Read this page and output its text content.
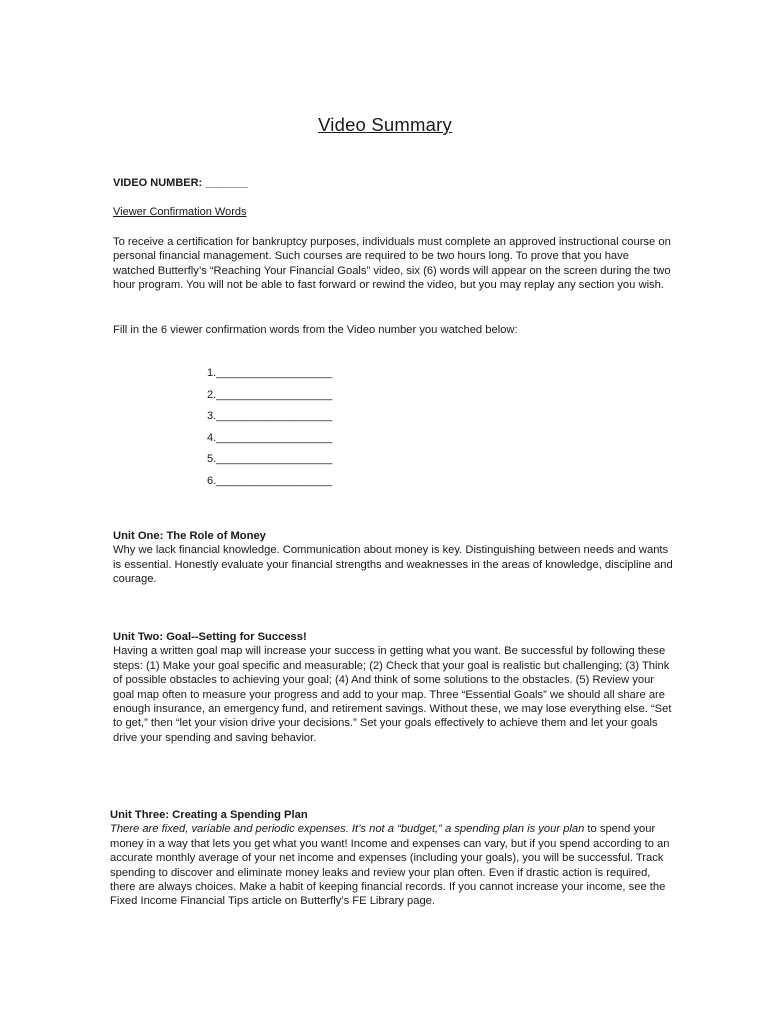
Video Summary
VIDEO NUMBER: _______
Viewer Confirmation Words

To receive a certification for bankruptcy purposes, individuals must complete an approved instructional course on personal financial management. Such courses are required to be two hours long. To prove that you have watched Butterfly’s “Reaching Your Financial Goals” video, six (6) words will appear on the screen during the two hour program. You will not be able to fast forward or rewind the video, but you may replay any section you wish.

Fill in the 6 viewer confirmation words from the Video number you watched below:

1.___________________
2.___________________
3.___________________
4.___________________
5.___________________
6.___________________
Unit One: The Role of Money
Why we lack financial knowledge. Communication about money is key. Distinguishing between needs and wants is essential. Honestly evaluate your financial strengths and weaknesses in the areas of knowledge, discipline and courage.
Unit Two: Goal--Setting for Success!
Having a written goal map will increase your success in getting what you want. Be successful by following these steps: (1) Make your goal specific and measurable; (2) Check that your goal is realistic but challenging; (3) Think of possible obstacles to achieving your goal; (4) And think of some solutions to the obstacles. (5) Review your goal map often to measure your progress and add to your map. Three “Essential Goals” we should all share are enough insurance, an emergency fund, and retirement savings. Without these, we may lose everything else. “Set to get,” then “let your vision drive your decisions.” Set your goals effectively to achieve them and let your goals drive your spending and saving behavior.
Unit Three: Creating a Spending Plan
There are fixed, variable and periodic expenses. It’s not a “budget,” a spending plan is your plan to spend your money in a way that lets you get what you want! Income and expenses can vary, but if you spend according to an accurate monthly average of your net income and expenses (including your goals), you will be successful. Track spending to discover and eliminate money leaks and review your plan often. Even if drastic action is required, there are always choices. Make a habit of keeping financial records. If you cannot increase your income, see the Fixed Income Financial Tips article on Butterfly’s FE Library page.
